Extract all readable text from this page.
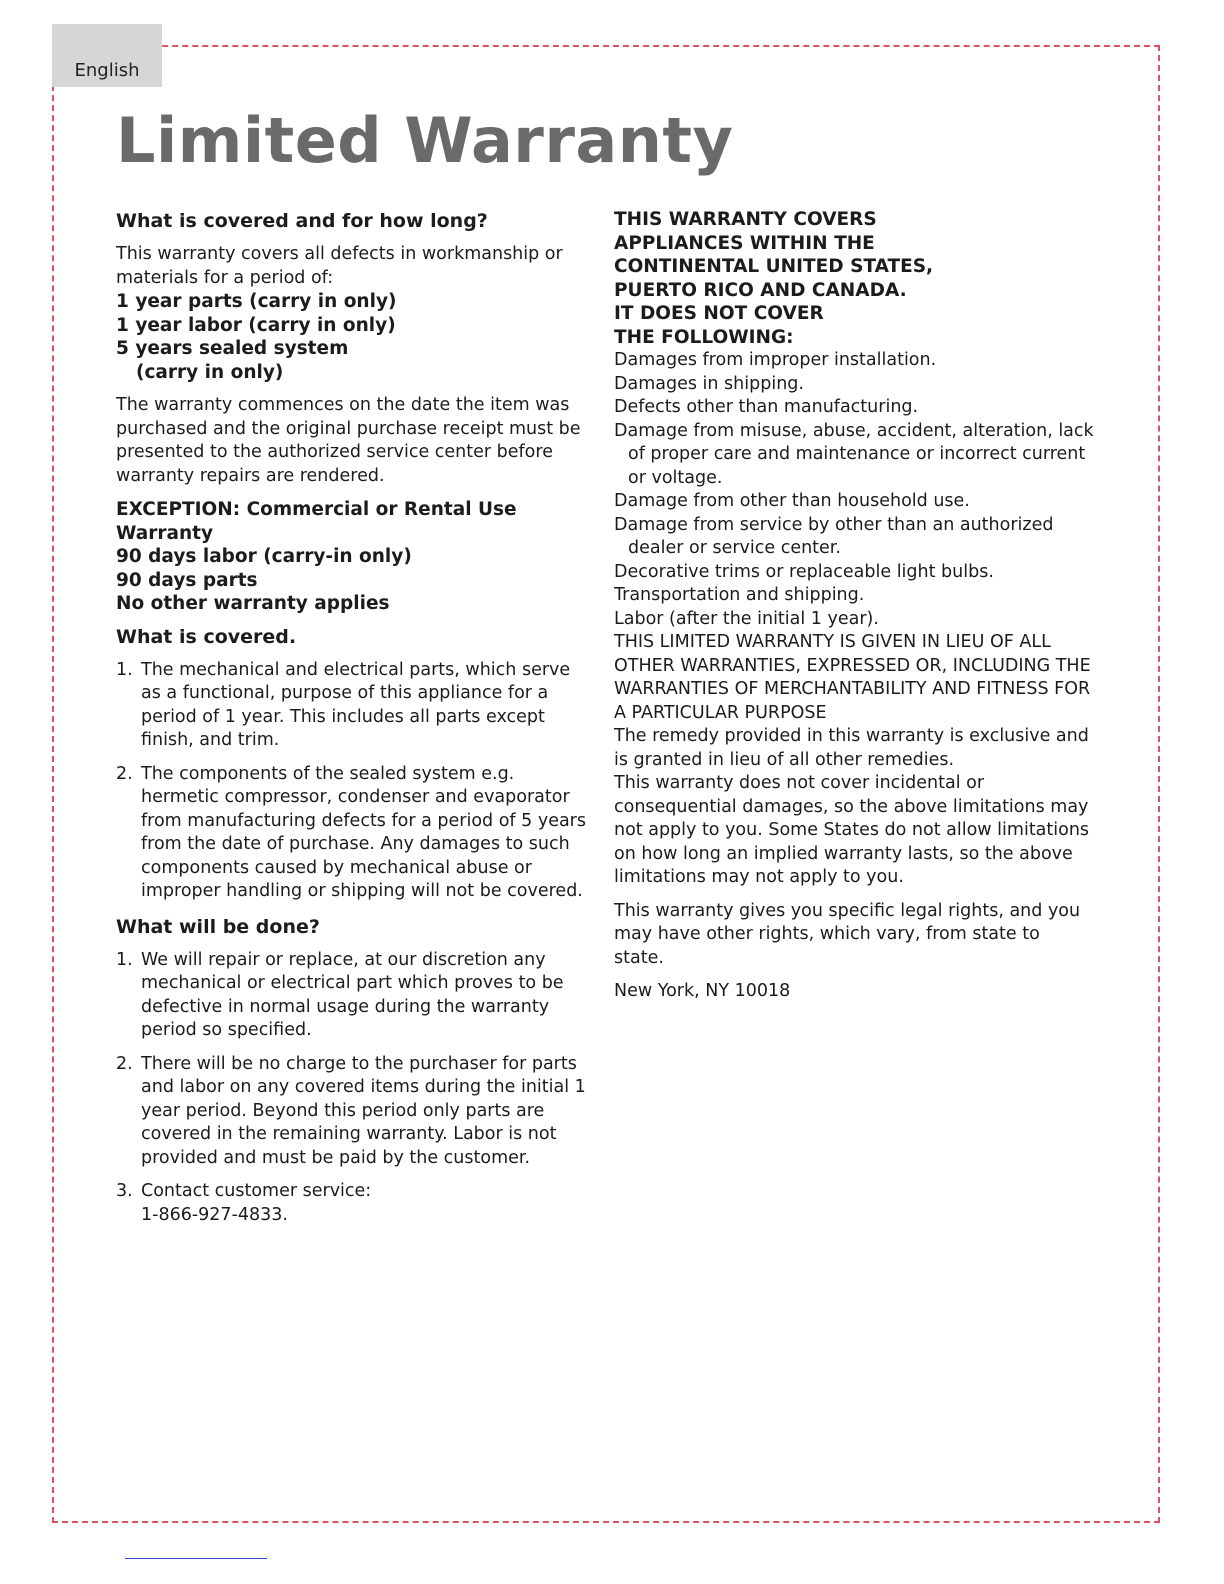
English
Limited Warranty
What is covered and for how long?

This warranty covers all defects in workmanship or materials for a period of:

1 year parts (carry in only)
1 year labor (carry in only)
5 years sealed system
(carry in only)

The warranty commences on the date the item was purchased and the original purchase receipt must be presented to the authorized service center before warranty repairs are rendered.

EXCEPTION: Commercial or Rental Use Warranty
90 days labor (carry-in only)
90 days parts
No other warranty applies
What is covered.
1. The mechanical and electrical parts, which serve as a functional, purpose of this appliance for a period of 1 year. This includes all parts except finish, and trim.
2. The components of the sealed system e.g. hermetic compressor, condenser and evaporator from manufacturing defects for a period of 5 years from the date of purchase. Any damages to such components caused by mechanical abuse or improper handling or shipping will not be covered.
What will be done?
1. We will repair or replace, at our discretion any mechanical or electrical part which proves to be defective in normal usage during the warranty period so specified.
2. There will be no charge to the purchaser for parts and labor on any covered items during the initial 1 year period. Beyond this period only parts are covered in the remaining warranty. Labor is not provided and must be paid by the customer.
3. Contact customer service:
1-866-927-4833.
THIS WARRANTY COVERS
APPLIANCES WITHIN THE
CONTINENTAL UNITED STATES,
PUERTO RICO AND CANADA.
IT DOES NOT COVER
THE FOLLOWING:
Damages from improper installation.
Damages in shipping.
Defects other than manufacturing.
Damage from misuse, abuse, accident, alteration, lack of proper care and maintenance or incorrect current or voltage.
Damage from other than household use.
Damage from service by other than an authorized dealer or service center.
Decorative trims or replaceable light bulbs.
Transportation and shipping.
Labor (after the initial 1 year).
THIS LIMITED WARRANTY IS GIVEN IN LIEU OF ALL OTHER WARRANTIES, EXPRESSED OR, INCLUDING THE WARRANTIES OF MERCHANTABILITY AND FITNESS FOR A PARTICULAR PURPOSE
The remedy provided in this warranty is exclusive and is granted in lieu of all other remedies.

This warranty does not cover incidental or consequential damages, so the above limitations may not apply to you. Some States do not allow limitations on how long an implied warranty lasts, so the above limitations may not apply to you.

This warranty gives you specific legal rights, and you may have other rights, which vary, from state to state.

New York, NY 10018
